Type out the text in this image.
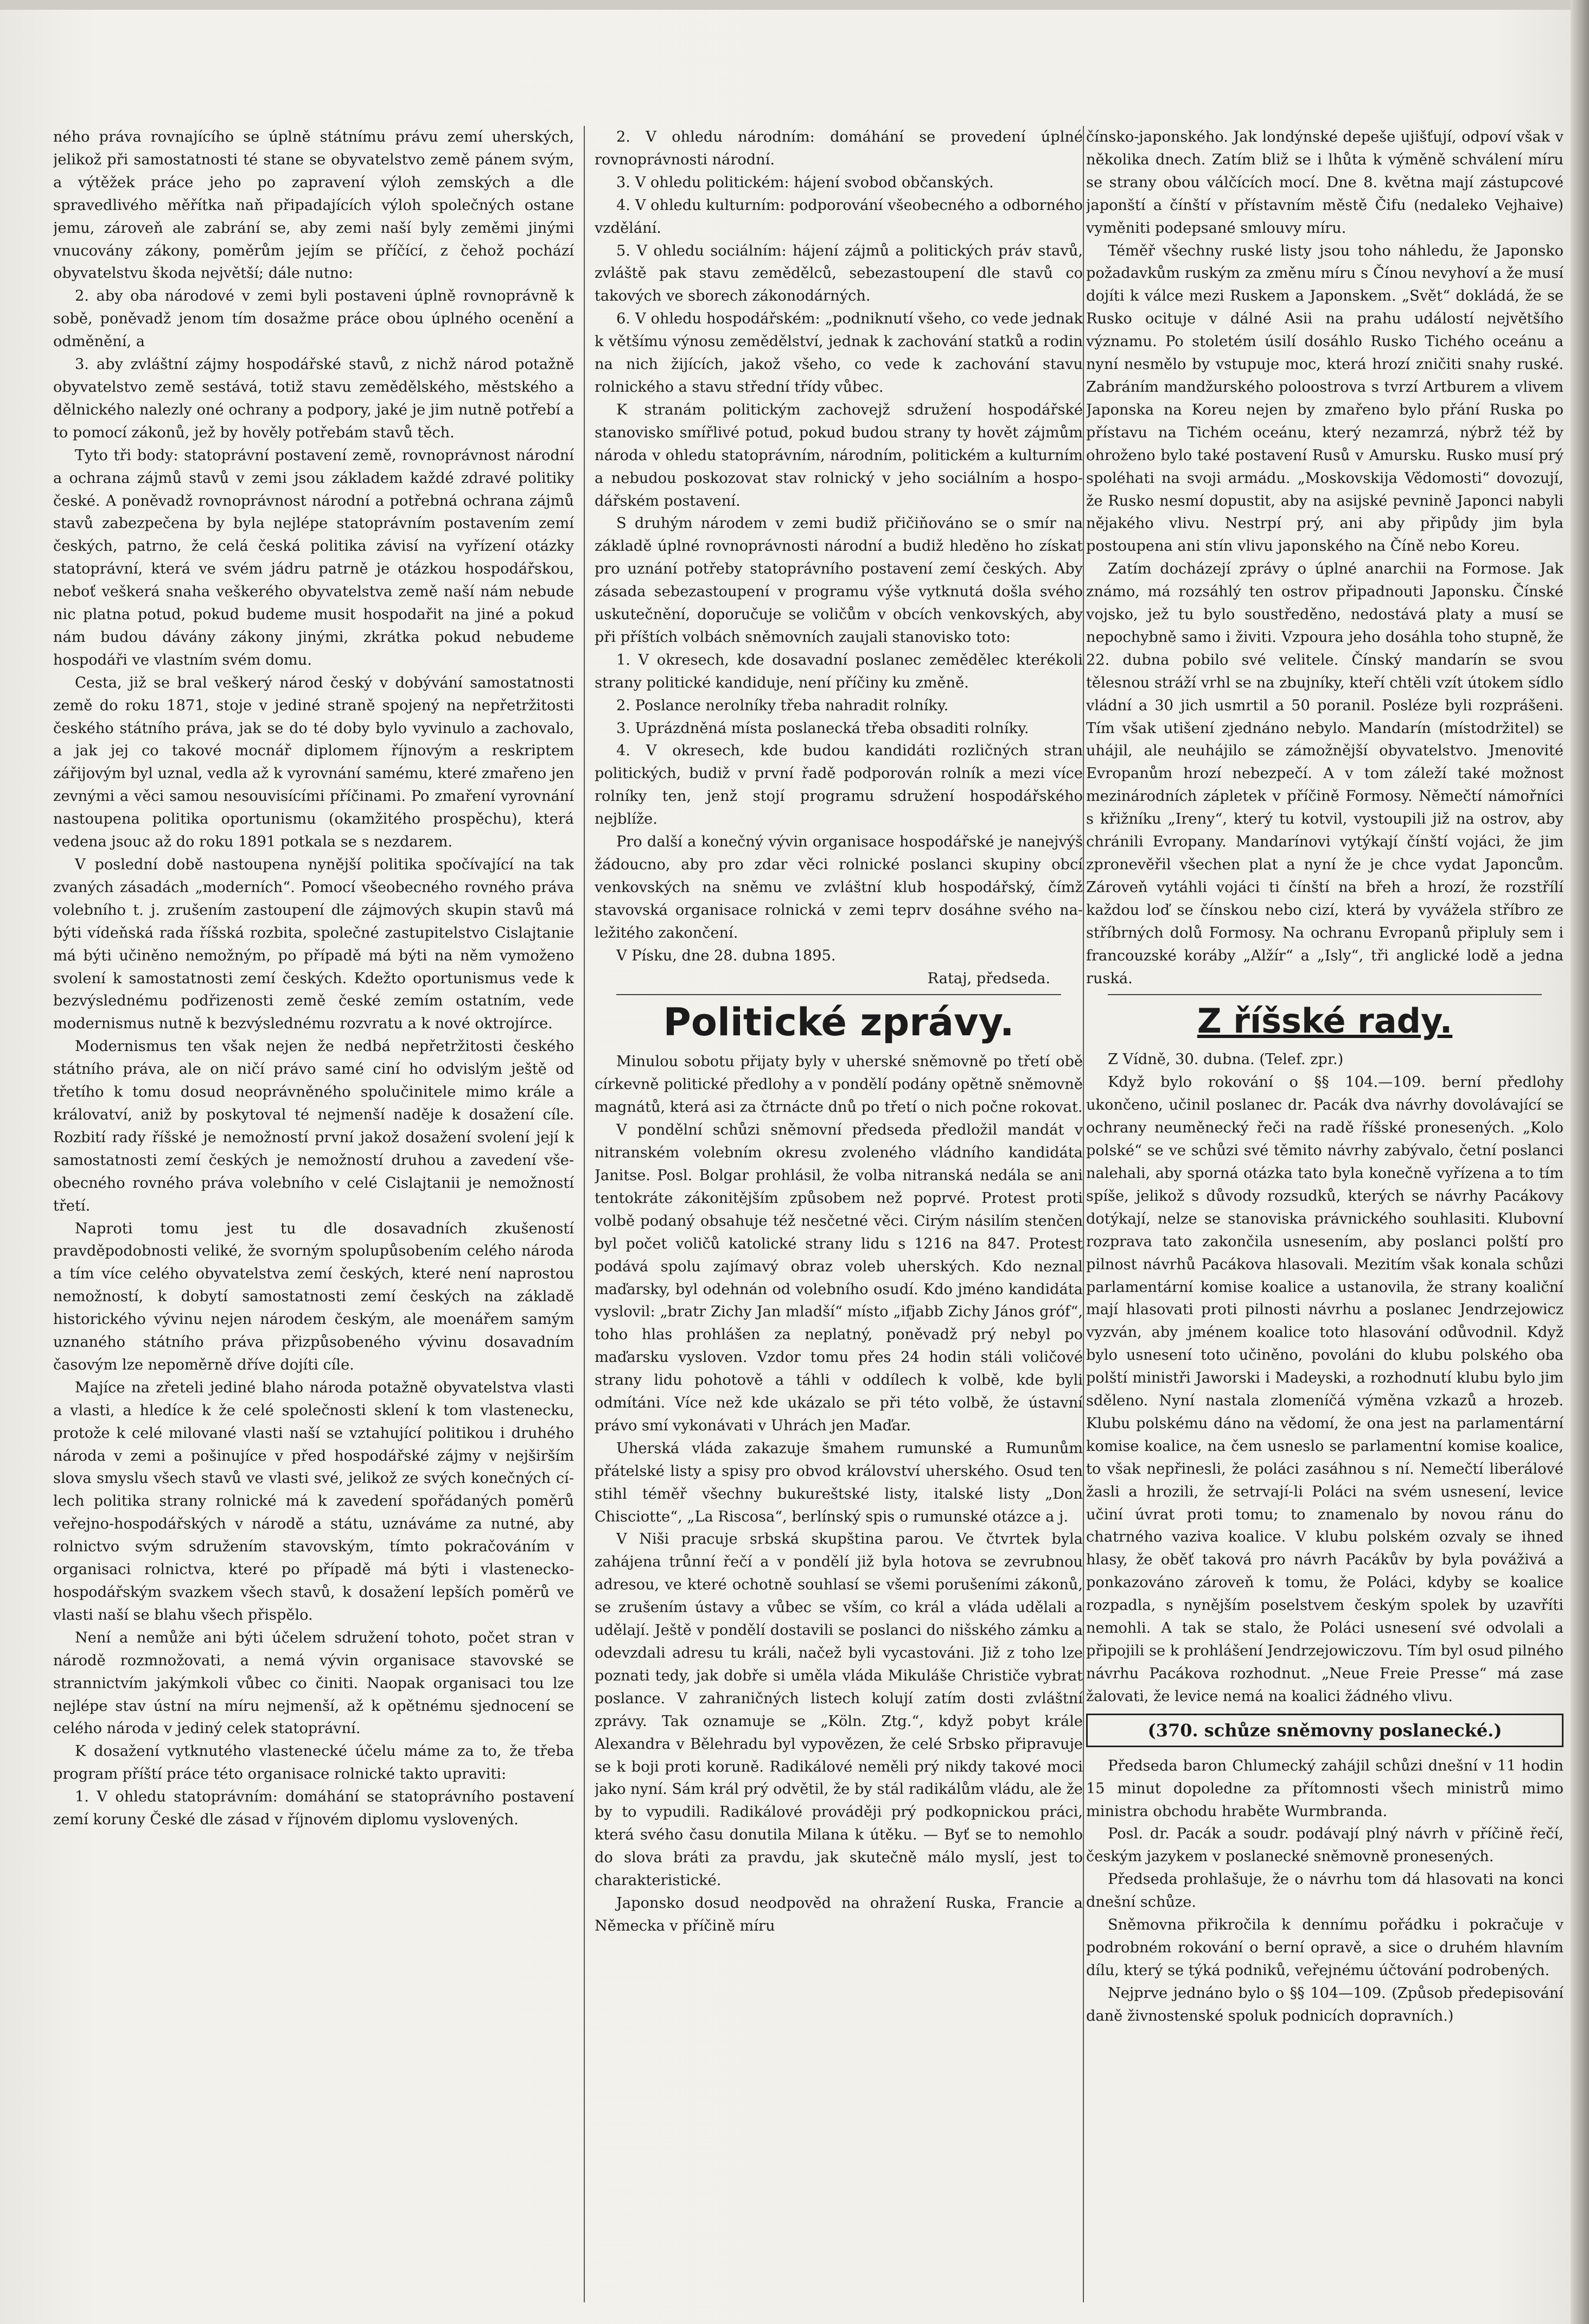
ného práva rovnajícího se úplně státnímu právu zemí uherských, jelikož při samostatnosti té stane se obyvatelstvo země pánem svým, a výtěžek práce jeho po zapravení výloh zemských a dle spravedlivého měřítka naň připadajících výloh společných ostane jemu, zároveň ale zabrání se, aby zemi naší byly zeměmi jinými vnucovány zákony, poměrům jejím se příčící, z čehož pochází obyvatelstvu škoda největší; dále nutno:

2. aby oba národové v zemi byli postaveni úplně rovnoprávně k sobě, poněvadž jenom tím dosažme práce obou úplného ocenění a odměnění, a

3. aby zvláštní zájmy hospodářské stavů, z nichž národ potažně obyvatelstvo země sestává, totiž stavu zemědělského, městského a dělnického nalezly oné ochrany a podpory, jaké je jim nutně potřebí a to pomocí zákonů, jež by hověly potřebám stavů těch.

Tyto tři body: statoprávní postavení země, rovnoprávnost národní a ochrana zájmů stavů v zemi jsou základem každé zdravé politiky české. A poněvadž rovnoprávnost národní a potřebná ochrana zájmů stavů zabezpečena by byla nejlépe statoprávním postavením zemí českých, patrno, že celá česká politika závisí na vyřízení otázky statoprávní, která ve svém jádru patrně je otázkou hospodářskou, neboť veškerá snaha veškerého obyvatelstva země naší nám nebude nic platna potud, pokud budeme musit hospodařit na jiné a pokud nám budou dávány zákony jinými, zkrátka pokud nebudeme hospodáři ve vlastním svém domu.

Cesta, již se bral veškerý národ český v dobývání samostatnosti země do roku 1871, stoje v jediné straně spojený na nepřetržitosti českého státního práva, jak se do té doby bylo vyvinulo a zachovalo, a jak jej co takové mocnář diplomem říjnovým a reskriptem zářijovým byl uznal, vedla až k vyrovnání samému, které zmařeno jen zevnými a věci samou nesouvisícími příčinami. Po zmaření vyrovnání nastoupena politika oportunismu (okamžitého prospěchu), která vedena jsouc až do roku 1891 potkala se s nezdarem.

V poslední době nastoupena nynější politika spočívající na tak zvaných zásadách „moderních“. Pomocí všeobecného rovného práva volebního t. j. zrušením zastoupení dle zájmových skupin stavů má býti vídeňská rada říšská rozbita, společné zastupitelstvo Cislajtanie má býti učiněno nemožným, po případě má býti na něm vymoženo svolení k samostatnosti zemí českých. Kdežto oportunismus vede k bezvýslednému podřizenosti země české zemím ostatním, vede modernismus nutně k bezvýslednému rozvratu a k nové oktrojírce.

Modernismus ten však nejen že nedbá nepřetržitosti českého státního práva, ale on ničí právo samé ciní ho odvislým ještě od třetího k tomu dosud neoprávněného spolučinitele mimo krále a královatví, aniž by poskytoval té nejmenší naděje k dosažení cíle. Rozbití rady říšské je nemožností první jakož dosažení svolení její k samostatnosti zemí českých je nemožností druhou a zavedení všeobecného rovného práva volebního v celé Cislajtanii je nemožností třetí.

Naproti tomu jest tu dle dosavadních zkušeností pravděpodobnosti veliké, že svorným spolupůsobením celého národa a tím více celého obyvatelstva zemí českých, které není naprostou nemožností, k dobytí samostatnosti zemí českých na základě historického vývinu nejen národem českým, ale moenářem samým uznaného státního práva přizpůsobeného vývinu dosavadním časovým lze nepoměrně dříve dojíti cíle.

Majíce na zřeteli jediné blaho národa potažně obyvatelstva vlasti a vlasti, a hledíce k že celé společnosti sklení k tom vlastenecku, protože k celé milované vlasti naší se vztahující politikou i druhého národa v zemi a pošinujíce v před hospodářské zájmy v nejširším slova smyslu všech stavů ve vlasti své, jelikož ze svých konečných cílech politika strany rolnické má k zavedení spořádaných poměrů veřejno-hospodářských v národě a státu, uznáváme za nutné, aby rolnictvo svým sdružením stavovským, tímto pokračováním v organisaci rolnictva, které po případě má býti i vlasteneckohospodářským svazkem všech stavů, k dosažení lepších poměrů ve vlasti naší se blahu všech přispělo.

Není a nemůže ani býti účelem sdružení tohoto, počet stran v národě rozmnožovati, a nemá vývin organisace stavovské se strannictvím jakýmkoli vůbec co činiti. Naopak organisaci tou lze nejlépe stav ústní na míru nejmenší, až k opětnému sjednocení se celého národa v jediný celek statoprávní.

K dosažení vytknutého vlastenecké účelu máme za to, že třeba program příští práce této organisace rolnické takto upraviti:

1. V ohledu statoprávním: domáhání se statoprávního postavení zemí koruny České dle zásad v říjnovém diplomu vyslovených.

2. V ohledu národním: domáhání se provedení úplné rovnoprávnosti národní.

3. V ohledu politickém: hájení svobod občanských.

4. V ohledu kulturním: podporování všeobecného a odborného vzdělání.

5. V ohledu sociálním: hájení zájmů a politických práv stavů, zvláště pak stavu zemědělců, sebezastoupení dle stavů co takových ve sborech zákonodárných.

6. V ohledu hospodářském: „podniknutí všeho, co vede jednak k většímu výnosu zemědělství, jednak k zachování statků a rodin na nich žijících, jakož všeho, co vede k zachování stavu rolnického a stavu střední třídy vůbec.

K stranám politickým zachovejž sdružení hospodářské stanovisko smířlivé potud, pokud budou strany ty hovět zájmům národa v ohledu statoprávním, národním, politickém a kulturním a nebudou poskozovat stav rolnický v jeho sociálním a hospodářském postavení.

S druhým národem v zemi budiž přičiňováno se o smír na základě úplné rovnoprávnosti národní a budiž hleděno ho získat pro uznání potřeby statoprávního postavení zemí českých. Aby zásada sebezastoupení v programu výše vytknutá došla svého uskutečnění, doporučuje se voličům v obcích venkovských, aby při příštích volbách sněmovních zaujali stanovisko toto:

1. V okresech, kde dosavadní poslanec zemědělec kterékoli strany politické kandiduje, není příčiny ku změně.

2. Poslance nerolníky třeba nahradit rolníky.

3. Uprázdněná místa poslanecká třeba obsaditi rolníky.

4. V okresech, kde budou kandidáti rozličných stran politických, budiž v první řadě podporován rolník a mezi více rolníky ten, jenž stojí programu sdružení hospodářského nejblíže.

Pro další a konečný vývin organisace hospodářské je nanejvýš žádoucno, aby pro zdar věci rolnické poslanci skupiny obcí venkovských na sněmu ve zvláštní klub hospodářský, čímž stavovská organisace rolnická v zemi teprv dosáhne svého naležitého zakončení.

V Písku, dne 28. dubna 1895.

Rataj, předseda.

Politické zprávy.

Minulou sobotu přijaty byly v uherské sněmovně po třetí obě církevně politické předlohy a v pondělí podány opětně sněmovně magnátů, která asi za čtrnácte dnů po třetí o nich počne rokovat.

V pondělní schůzi sněmovní předseda předložil mandát v nitranském volebním okresu zvoleného vládního kandidáta Janitse. Posl. Bolgar prohlásil, že volba nitranská nedála se ani tentokráte zákonitějším způsobem než poprvé. Protest proti volbě podaný obsahuje též nesčetné věci. Cirým násilím stenčen byl počet voličů katolické strany lidu s 1216 na 847. Protest podává spolu zajímavý obraz voleb uherských. Kdo neznal maďarsky, byl odehnán od volebního osudí. Kdo jméno kandidáta vyslovil: „bratr Zichy Jan mladší“ místo „ifjabb Zichy János gróf“, toho hlas prohlášen za neplatný, poněvadž prý nebyl po maďarsku vysloven. Vzdor tomu přes 24 hodin stáli voličové strany lidu pohotově a táhli v oddílech k volbě, kde byli odmítáni. Více než kde ukázalo se při této volbě, že ústavní právo smí vykonávati v Uhrách jen Maďar.

Uherská vláda zakazuje šmahem rumunské a Rumunům přátelské listy a spisy pro obvod království uherského. Osud ten stihl téměř všechny bukureštské listy, italské listy „Don Chisciotte“, „La Riscosa“, berlínský spis o rumunské otázce a j.

V Niši pracuje srbská skupština parou. Ve čtvrtek byla zahájena trůnní řečí a v pondělí již byla hotova se zevrubnou adresou, ve které ochotně souhlasí se všemi porušeními zákonů, se zrušením ústavy a vůbec se vším, co král a vláda udělali a udělají. Ještě v pondělí dostavili se poslanci do nišského zámku a odevzdali adresu tu králi, načež byli vycastováni. Již z toho lze poznati tedy, jak dobře si uměla vláda Mikuláše Christiče vybrat poslance. V zahraničných listech kolují zatím dosti zvláštní zprávy. Tak oznamuje se „Köln. Ztg.“, když pobyt krále Alexandra v Bělehradu byl vypovězen, že celé Srbsko připravuje se k boji proti koruně. Radikálové neměli prý nikdy takové moci jako nyní. Sám král prý odvětil, že by stál radikálům vládu, ale že by to vypudili. Radikálové prováději prý podkopnickou práci, která svého času donutila Milana k útěku. — Byť se to nemohlo do slova bráti za pravdu, jak skutečně málo myslí, jest to charakteristické.

Japonsko dosud neodpověd na ohražení Ruska, Francie a Německa v příčině míru

čínsko-japonského. Jak londýnské depeše ujišťují, odpoví však v několika dnech. Zatím bliž se i lhůta k výměně schválení míru se strany obou válčících mocí. Dne 8. května mají zástupcové japonští a čínští v přístavním městě Čifu (nedaleko Vejhaive) vyměniti podepsané smlouvy míru.

Téměř všechny ruské listy jsou toho náhledu, že Japonsko požadavkům ruským za změnu míru s Čínou nevyhoví a že musí dojíti k válce mezi Ruskem a Japonskem. „Svět“ dokládá, že se Rusko ocituje v dálné Asii na prahu událostí největšího významu. Po stoletém úsilí dosáhlo Rusko Tichého oceánu a nyní nesmělo by vstupuje moc, která hrozí zničiti snahy ruské. Zabráním mandžurského poloostrova s tvrzí Artburem a vlivem Japonska na Koreu nejen by zmařeno bylo přání Ruska po přístavu na Tichém oceánu, který nezamrzá, nýbrž též by ohroženo bylo také postavení Rusů v Amursku. Rusko musí prý spoléhati na svoji armádu. „Moskovskija Vědomosti“ dovozují, že Rusko nesmí dopustit, aby na asijské pevnině Japonci nabyli nějakého vlivu. Nestrpí prý, ani aby připůdy jim byla postoupena ani stín vlivu japonského na Číně nebo Koreu.

Zatím docházejí zprávy o úplné anarchii na Formose. Jak známo, má rozsáhlý ten ostrov připadnouti Japonsku. Čínské vojsko, jež tu bylo soustředěno, nedostává platy a musí se nepochybně samo i živiti. Vzpoura jeho dosáhla toho stupně, že 22. dubna pobilo své velitele. Čínský mandarín se svou tělesnou stráží vrhl se na zbujníky, kteří chtěli vzít útokem sídlo vládní a 30 jich usmrtil a 50 poranil. Posléze byli rozprášeni. Tím však utišení zjednáno nebylo. Mandarín (místodržitel) se uhájil, ale neuhájilo se zámožnější obyvatelstvo. Jmenovité Evropanům hrozí nebezpečí. A v tom záleží také možnost mezinárodních zápletek v příčině Formosy. Němečtí námořníci s křižníku „Ireny“, který tu kotvil, vystoupili již na ostrov, aby chránili Evropany. Mandarínovi vytýkají čínští vojáci, že jim zpronevěřil všechen plat a nyní že je chce vydat Japoncům. Zároveň vytáhli vojáci ti čínští na břeh a hrozí, že rozstřílí každou loď se čínskou nebo cizí, která by vyvážela stříbro ze stříbrných dolů Formosy. Na ochranu Evropanů připluly sem i francouzské koráby „Alžír“ a „Isly“, tři anglické lodě a jedna ruská.

Z říšské rady.

Z Vídně, 30. dubna. (Telef. zpr.)

Když bylo rokování o §§ 104.—109. berní předlohy ukončeno, učinil poslanec dr. Pacák dva návrhy dovolávající se ochrany neuměnecký řeči na radě říšské pronesených. „Kolo polské“ se ve schůzi své těmito návrhy zabývalo, četní poslanci nalehali, aby sporná otázka tato byla konečně vyřízena a to tím spíše, jelikož s důvody rozsudků, kterých se návrhy Pacákovy dotýkají, nelze se stanoviska právnického souhlasiti. Klubovní rozprava tato zakončila usnesením, aby poslanci polští pro pilnost návrhů Pacákova hlasovali. Mezitím však konala schůzi parlamentární komise koalice a ustanovila, že strany koaliční mají hlasovati proti pilnosti návrhu a poslanec Jendrzejowicz vyzván, aby jménem koalice toto hlasování odůvodnil. Když bylo usnesení toto učiněno, povoláni do klubu polského oba polští ministři Jaworski i Madeyski, a rozhodnutí klubu bylo jim sděleno. Nyní nastala zlomeníčá výměna vzkazů a hrozeb. Klubu polskému dáno na vědomí, že ona jest na parlamentární komise koalice, na čem usneslo se parlamentní komise koalice, to však nepřinesli, že poláci zasáhnou s ní. Nemečtí liberálové žasli a hrozili, že setrvají-li Poláci na svém usnesení, levice učiní úvrat proti tomu; to znamenalo by novou ránu do chatrného vaziva koalice. V klubu polském ozvaly se ihned hlasy, že oběť taková pro návrh Pacákův by byla pováživá a ponkazováno zároveň k tomu, že Poláci, kdyby se koalice rozpadla, s nynějším poselstvem českým spolek by uzavříti nemohli. A tak se stalo, že Poláci usnesení své odvolali a připojili se k prohlášení Jendrzejowiczovu. Tím byl osud pilného návrhu Pacákova rozhodnut. „Neue Freie Presse“ má zase žalovati, že levice nemá na koalici žádného vlivu.

(370. schůze sněmovny poslanecké.)

Předseda baron Chlumecký zahájil schůzi dnešní v 11 hodin 15 minut dopoledne za přítomnosti všech ministrů mimo ministra obchodu hraběte Wurmbranda.

Posl. dr. Pacák a soudr. podávají plný návrh v příčině řečí, českým jazykem v poslanecké sněmovně pronesených.

Předseda prohlašuje, že o návrhu tom dá hlasovati na konci dnešní schůze.

Sněmovna přikročila k dennímu pořádku i pokračuje v podrobném rokování o berní opravě, a sice o druhém hlavním dílu, který se týká podniků, veřejnému účtování podrobených.

Nejprve jednáno bylo o §§ 104—109. (Způsob předepisování daně živnostenské spoluk podnicích dopravních.)
